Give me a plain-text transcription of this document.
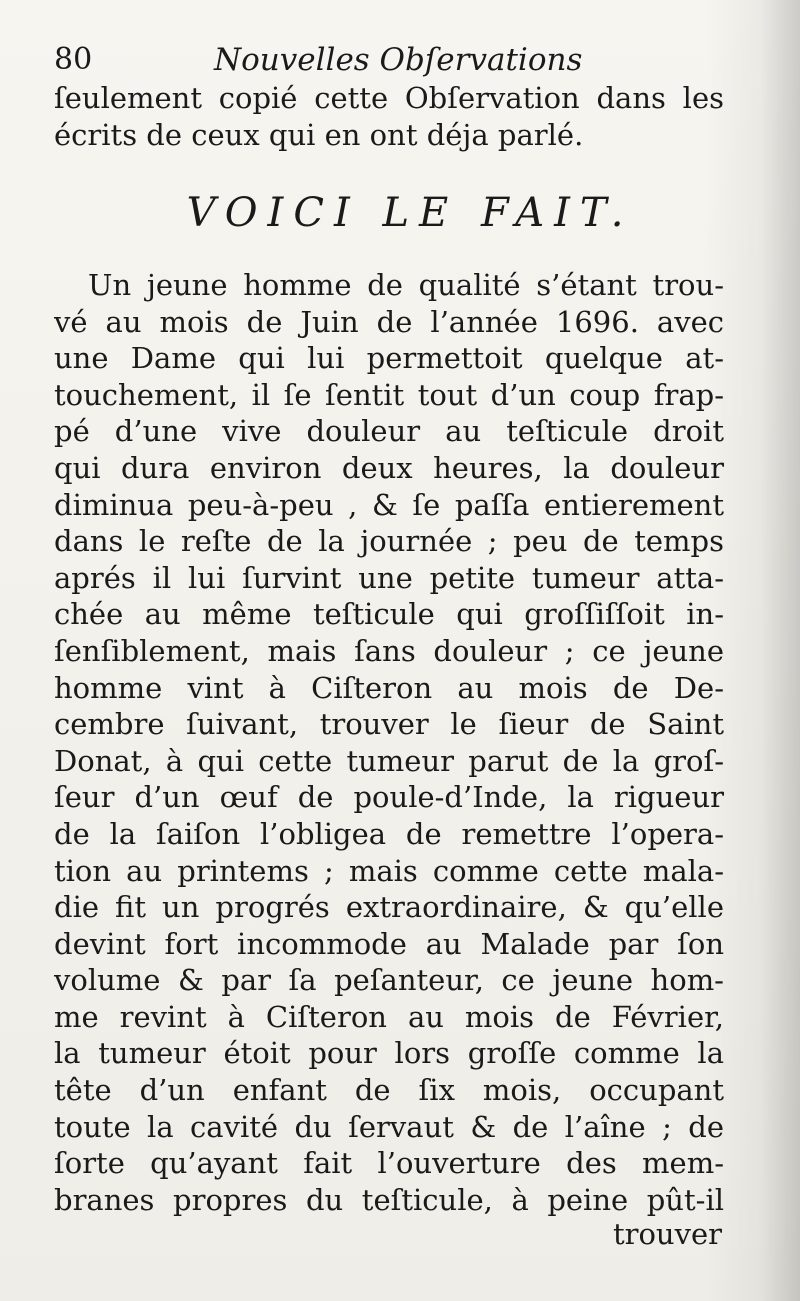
80	Nouvelles Obſervations
ſeulement copié cette Obſervation dans les
écrits de ceux qui en ont déja parlé.
VOICI LE FAIT.
Un jeune homme de qualité s’étant trou-
vé au mois de Juin de l’année 1696. avec
une Dame qui lui permettoit quelque at-
touchement, il ſe ſentit tout d’un coup frap-
pé d’une vive douleur au teſticule droit
qui dura environ deux heures, la douleur
diminua peu-à-peu , & ſe paſſa entierement
dans le reſte de la journée ; peu de temps
aprés il lui ſurvint une petite tumeur atta-
chée au même teſticule qui groſſiſſoit in-
ſenſiblement, mais ſans douleur ; ce jeune
homme vint à Ciſteron au mois de De-
cembre ſuivant, trouver le ſieur de Saint
Donat, à qui cette tumeur parut de la groſ-
ſeur d’un œuf de poule-d’Inde, la rigueur
de la ſaiſon l’obligea de remettre l’opera-
tion au printems ; mais comme cette mala-
die fit un progrés extraordinaire, & qu’elle
devint fort incommode au Malade par ſon
volume & par ſa peſanteur, ce jeune hom-
me revint à Ciſteron au mois de Février,
la tumeur étoit pour lors groſſe comme la
tête d’un enfant de ſix mois, occupant
toute la cavité du ſervaut & de l’aîne ; de
ſorte qu’ayant fait l’ouverture des mem-
branes propres du teſticule, à peine pût-il
trouver
